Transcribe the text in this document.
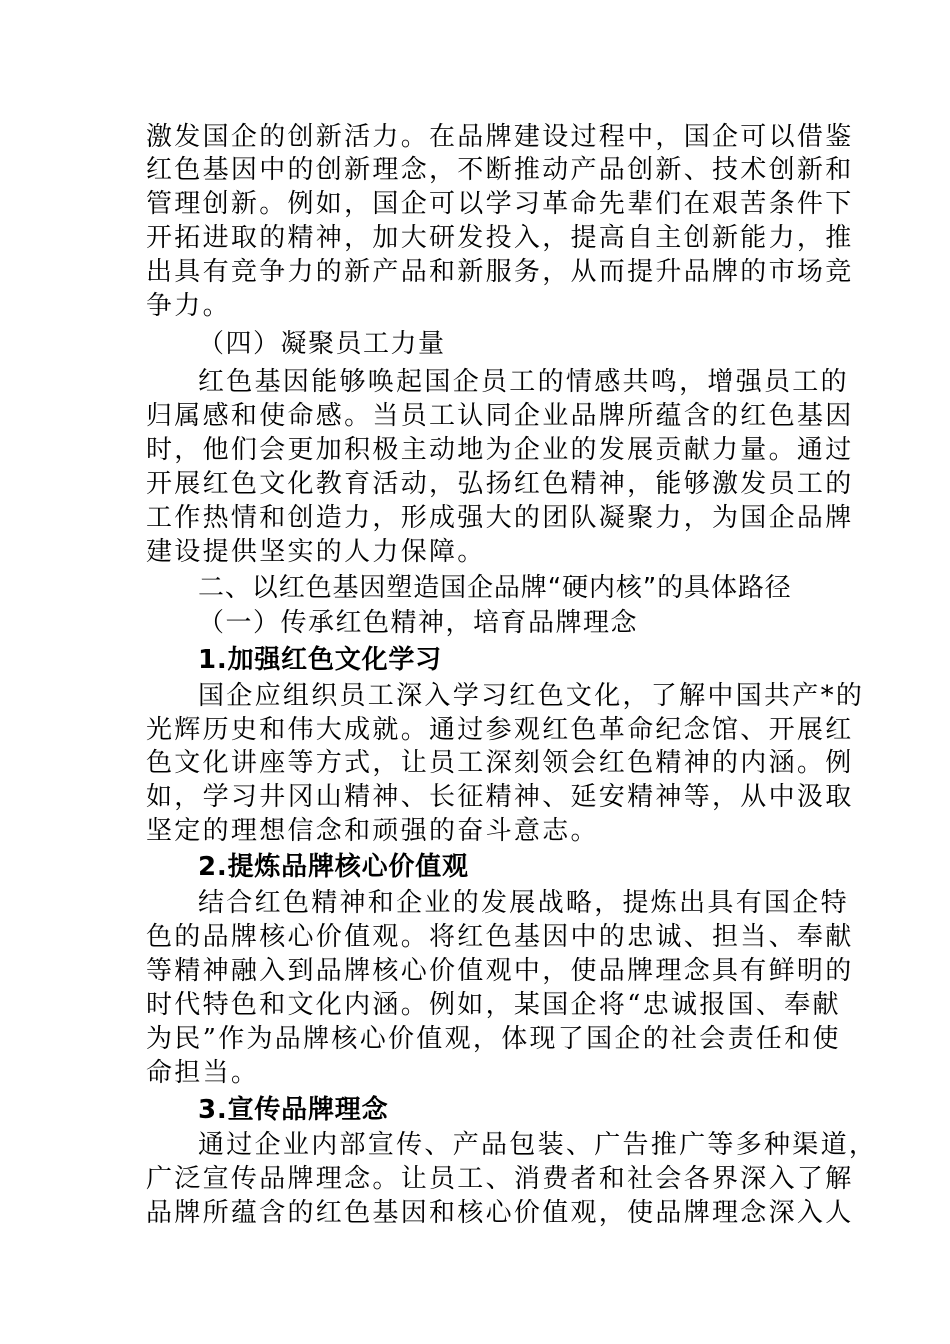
激发国企的创新活力。在品牌建设过程中，国企可以借鉴
红色基因中的创新理念，不断推动产品创新、技术创新和
管理创新。例如，国企可以学习革命先辈们在艰苦条件下
开拓进取的精神，加大研发投入，提高自主创新能力，推
出具有竞争力的新产品和新服务，从而提升品牌的市场竞
争力。
（四）凝聚员工力量
红色基因能够唤起国企员工的情感共鸣，增强员工的
归属感和使命感。当员工认同企业品牌所蕴含的红色基因
时，他们会更加积极主动地为企业的发展贡献力量。通过
开展红色文化教育活动，弘扬红色精神，能够激发员工的
工作热情和创造力，形成强大的团队凝聚力，为国企品牌
建设提供坚实的人力保障。
二、以红色基因塑造国企品牌“硬内核”的具体路径
（一）传承红色精神，培育品牌理念
1.加强红色文化学习
国企应组织员工深入学习红色文化，了解中国共产*的
光辉历史和伟大成就。通过参观红色革命纪念馆、开展红
色文化讲座等方式，让员工深刻领会红色精神的内涵。例
如，学习井冈山精神、长征精神、延安精神等，从中汲取
坚定的理想信念和顽强的奋斗意志。
2.提炼品牌核心价值观
结合红色精神和企业的发展战略，提炼出具有国企特
色的品牌核心价值观。将红色基因中的忠诚、担当、奉献
等精神融入到品牌核心价值观中，使品牌理念具有鲜明的
时代特色和文化内涵。例如，某国企将“忠诚报国、奉献
为民”作为品牌核心价值观，体现了国企的社会责任和使
命担当。
3.宣传品牌理念
通过企业内部宣传、产品包装、广告推广等多种渠道，
广泛宣传品牌理念。让员工、消费者和社会各界深入了解
品牌所蕴含的红色基因和核心价值观，使品牌理念深入人
